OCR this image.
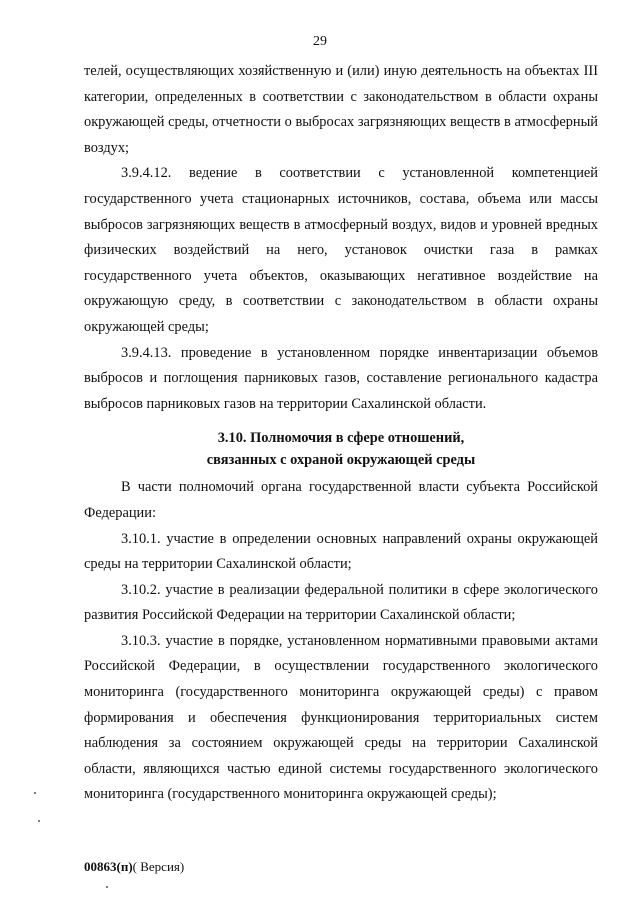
29

телей, осуществляющих хозяйственную и (или) иную деятельность на объектах III категории, определенных в соответствии с законодательством в области охраны окружающей среды, отчетности о выбросах загрязняющих веществ в атмосферный воздух;

3.9.4.12. ведение в соответствии с установленной компетенцией государственного учета стационарных источников, состава, объема или массы выбросов загрязняющих веществ в атмосферный воздух, видов и уровней вредных физических воздействий на него, установок очистки газа в рамках государственного учета объектов, оказывающих негативное воздействие на окружающую среду, в соответствии с законодательством в области охраны окружающей среды;

3.9.4.13. проведение в установленном порядке инвентаризации объемов выбросов и поглощения парниковых газов, составление регионального кадастра выбросов парниковых газов на территории Сахалинской области.

3.10. Полномочия в сфере отношений,
связанных с охраной окружающей среды

В части полномочий органа государственной власти субъекта Российской Федерации:

3.10.1. участие в определении основных направлений охраны окружающей среды на территории Сахалинской области;

3.10.2. участие в реализации федеральной политики в сфере экологического развития Российской Федерации на территории Сахалинской области;

3.10.3. участие в порядке, установленном нормативными правовыми актами Российской Федерации, в осуществлении государственного экологического мониторинга (государственного мониторинга окружающей среды) с правом формирования и обеспечения функционирования территориальных систем наблюдения за состоянием окружающей среды на территории Сахалинской области, являющихся частью единой системы государственного экологического мониторинга (государственного мониторинга окружающей среды);

00863(п)( Версия)
